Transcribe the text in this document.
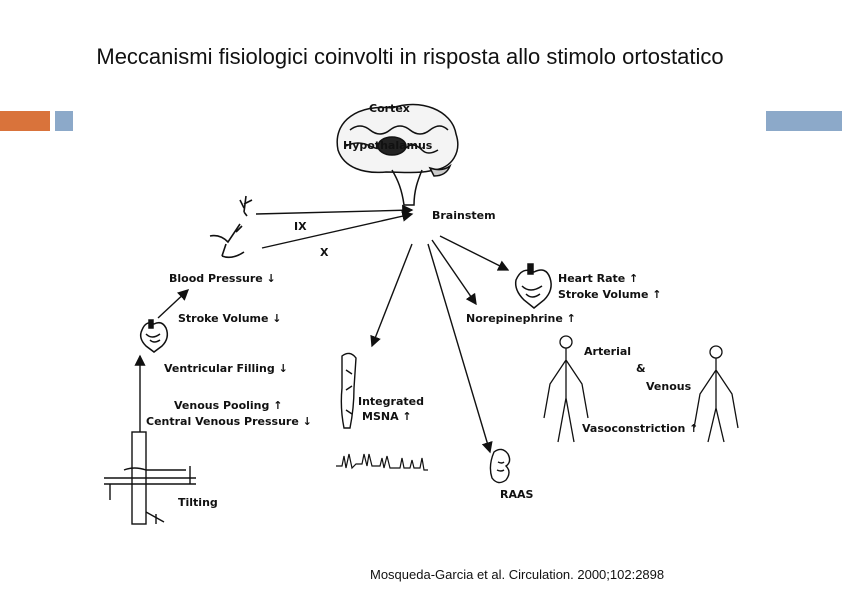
Meccanismi fisiologici coinvolti in risposta allo stimolo ortostatico
Cortex
Hypothalamus
Brainstem
IX
X
Blood Pressure ↓
Stroke Volume ↓
Ventricular Filling ↓
Venous Pooling ↑
Central Venous Pressure ↓
Tilting
Integrated
MSNA ↑
RAAS
Heart Rate ↑
Stroke Volume ↑
Norepinephrine ↑
Arterial
&
Venous
Vasoconstriction ↑
Mosqueda-Garcia et al. Circulation. 2000;102:2898
